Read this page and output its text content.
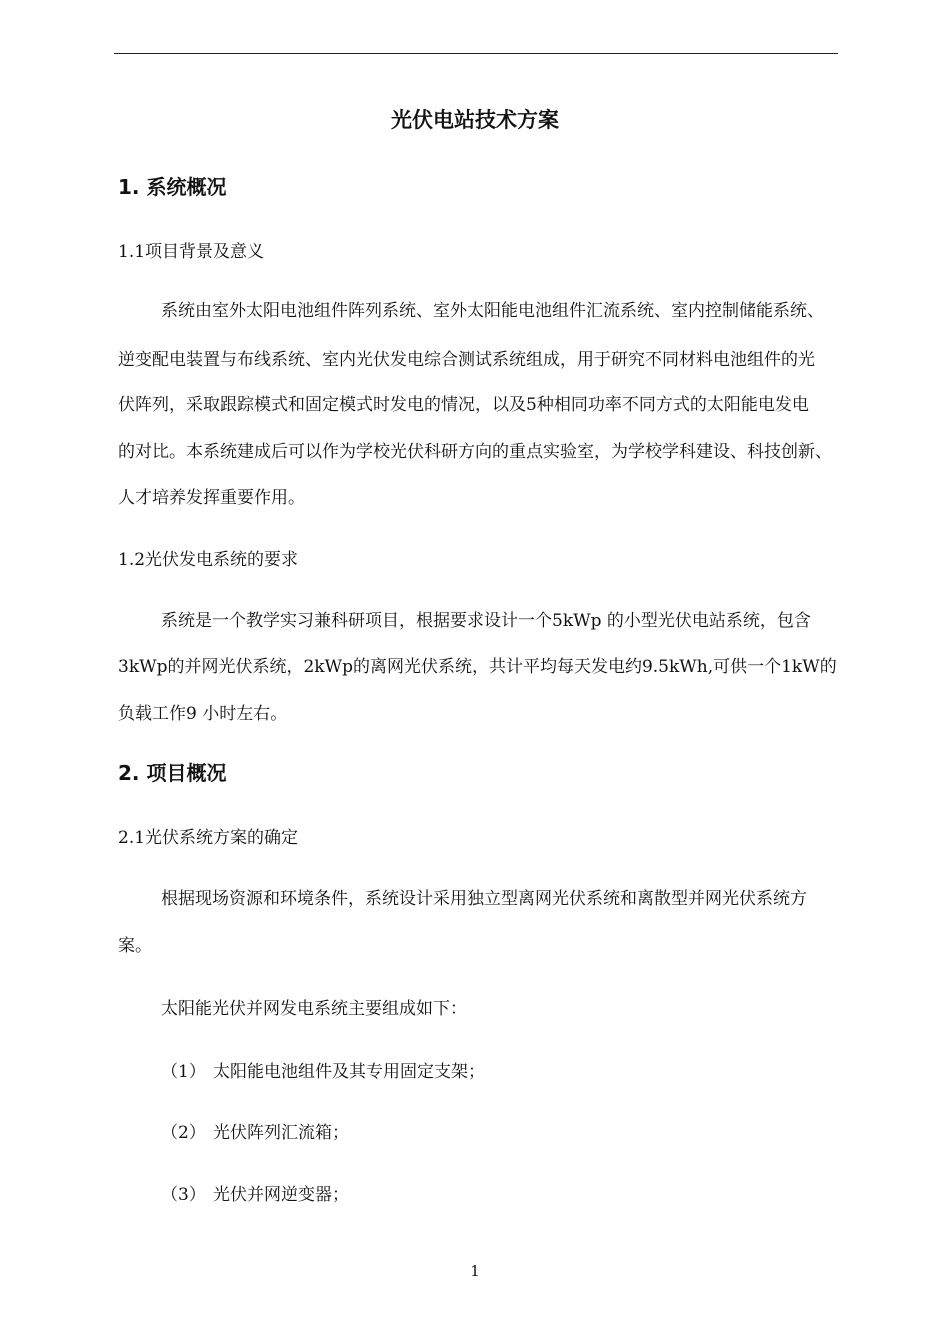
光伏电站技术方案
1. 系统概况
1.1项目背景及意义
系统由室外太阳电池组件阵列系统、室外太阳能电池组件汇流系统、室内控制储能系统、
逆变配电装置与布线系统、室内光伏发电综合测试系统组成，用于研究不同材料电池组件的光
伏阵列，采取跟踪模式和固定模式时发电的情况，以及5种相同功率不同方式的太阳能电发电
的对比。本系统建成后可以作为学校光伏科研方向的重点实验室，为学校学科建设、科技创新、
人才培养发挥重要作用。
1.2光伏发电系统的要求
系统是一个教学实习兼科研项目，根据要求设计一个5kWp 的小型光伏电站系统，包含
3kWp的并网光伏系统，2kWp的离网光伏系统，共计平均每天发电约9.5kWh,可供一个1kW的
负载工作9 小时左右。
2. 项目概况
2.1光伏系统方案的确定
根据现场资源和环境条件，系统设计采用独立型离网光伏系统和离散型并网光伏系统方
案。
太阳能光伏并网发电系统主要组成如下：
（1） 太阳能电池组件及其专用固定支架；
（2） 光伏阵列汇流箱；
（3） 光伏并网逆变器；
1
